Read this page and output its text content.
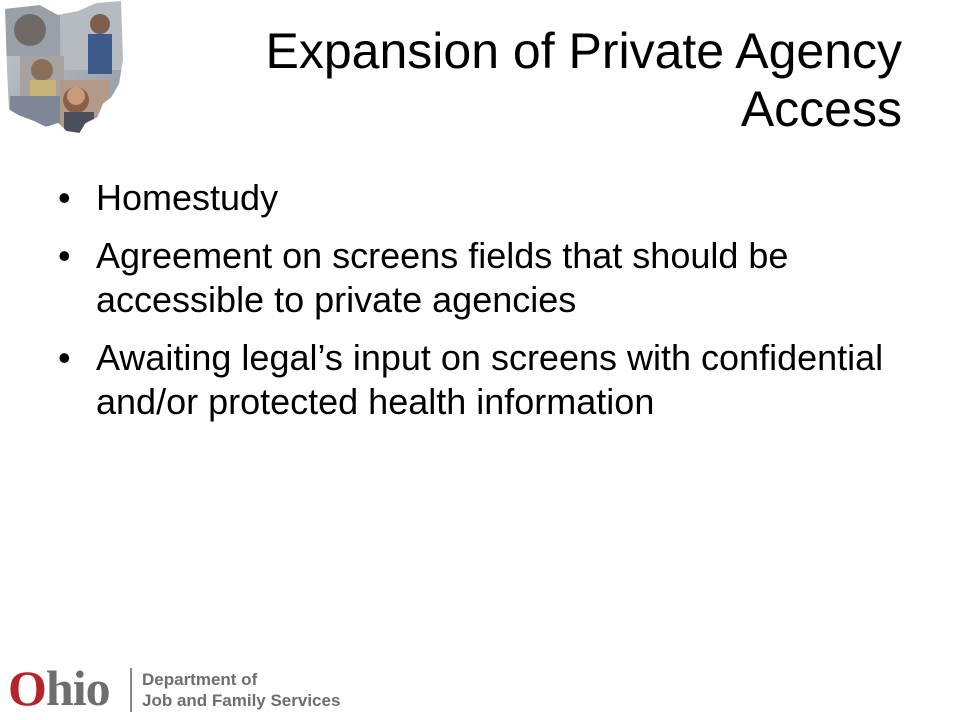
Expansion of Private Agency
Access
• Homestudy
• Agreement on screens fields that should be accessible to private agencies
• Awaiting legal’s input on screens with confidential and/or protected health information
Ohio Department of
Job and Family Services
